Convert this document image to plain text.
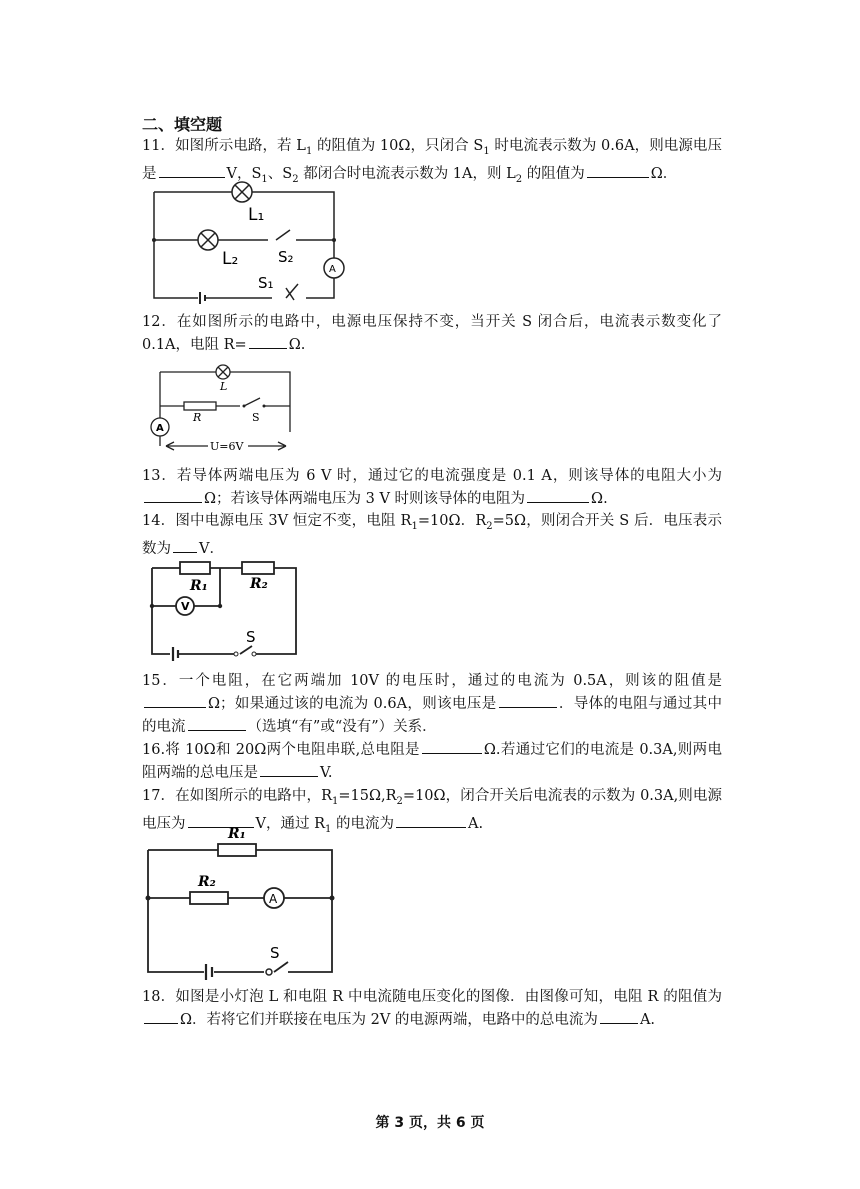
二、填空题

11．如图所示电路，若 $L_1$ 的阻值为 10Ω，只闭合 $S_1$ 时电流表示数为 0.6A，则电源电压是	V，$S_1$、$S_2$ 都闭合时电流表示数为 1A，则 $L_2$ 的阻值为	Ω．

L₁
L₂	S₂
S₁
A

12．在如图所示的电路中，电源电压保持不变，当开关 S 闭合后，电流表示数变化了 0.1A，电阻 R=	Ω.

L
R	S
A
U=6V

13．若导体两端电压为 6 V 时，通过它的电流强度是 0.1 A，则该导体的电阻大小为Ω；若该导体两端电压为 3 V 时则该导体的电阻为	Ω.

14．图中电源电压 3V 恒定不变，电阻 $R_1=10\Omega$．$R_2=5\Omega$，则闭合开关 S 后．电压表示数为 V．

R₁	R₂
V
S

15．一个电阻，在它两端加 10V 的电压时，通过的电流为 0.5A，则该的阻值是Ω；如果通过该的电流为 0.6A，则该电压是	．导体的电阻与通过其中的电流	（选填“有”或“没有”）关系．

16.将 10Ω和 20Ω两个电阻串联,总电阻是	Ω.若通过它们的电流是 0.3A,则两电阻两端的总电压是	V.

17．在如图所示的电路中，$R_1=15\Omega,R_2=10\Omega$，闭合开关后电流表的示数为 0.3A,则电源电压为	V，通过 $R_1$ 的电流为	A.

R₁
R₂
A
S

18．如图是小灯泡 L 和电阻 R 中电流随电压变化的图像．由图像可知，电阻 R 的阻值为Ω．若将它们并联接在电压为 2V 的电源两端，电路中的总电流为	A.

第 3 页，共 6 页
